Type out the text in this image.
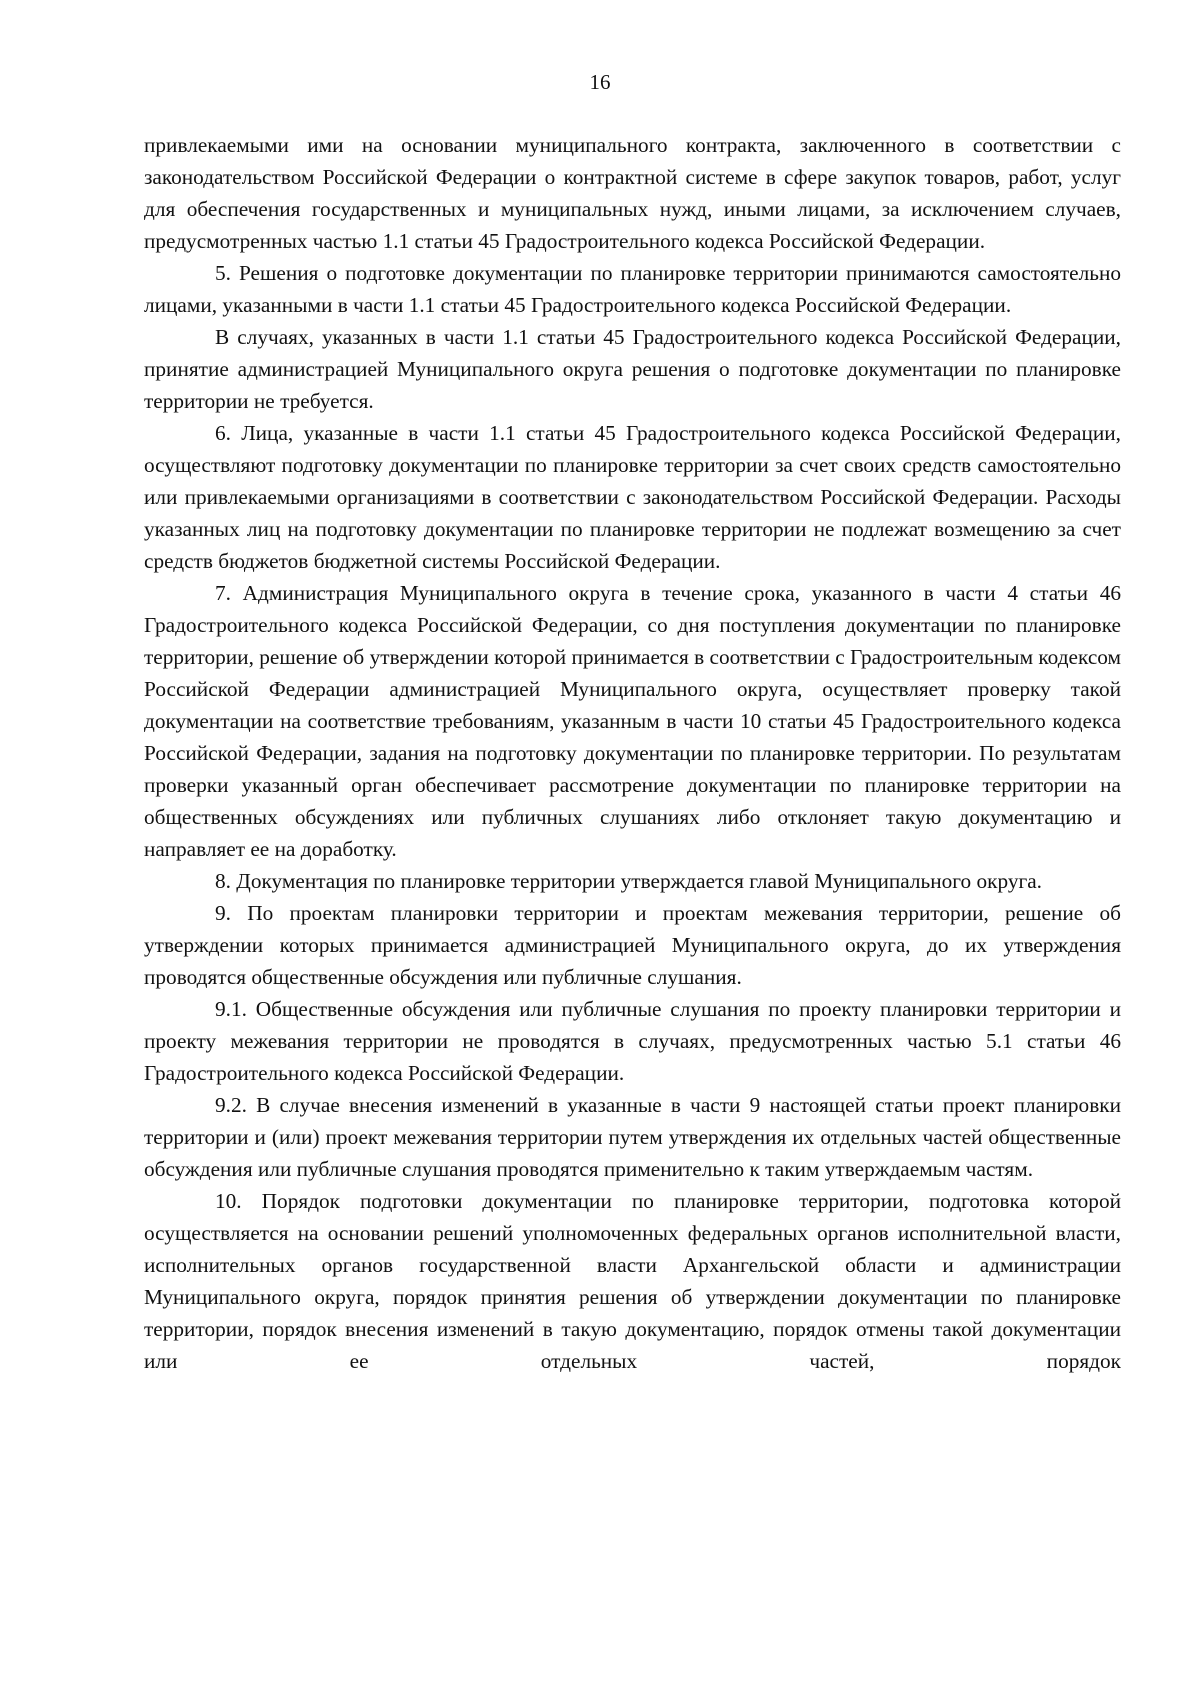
16

привлекаемыми ими на основании муниципального контракта, заключенного в соответствии с законодательством Российской Федерации о контрактной системе в сфере закупок товаров, работ, услуг для обеспечения государственных и муниципальных нужд, иными лицами, за исключением случаев, предусмотренных частью 1.1 статьи 45 Градостроительного кодекса Российской Федерации.

5. Решения о подготовке документации по планировке территории принимаются самостоятельно лицами, указанными в части 1.1 статьи 45 Градостроительного кодекса Российской Федерации.

В случаях, указанных в части 1.1 статьи 45 Градостроительного кодекса Российской Федерации, принятие администрацией Муниципального округа решения о подготовке документации по планировке территории не требуется.

6. Лица, указанные в части 1.1 статьи 45 Градостроительного кодекса Российской Федерации, осуществляют подготовку документации по планировке территории за счет своих средств самостоятельно или привлекаемыми организациями в соответствии с законодательством Российской Федерации. Расходы указанных лиц на подготовку документации по планировке территории не подлежат возмещению за счет средств бюджетов бюджетной системы Российской Федерации.

7. Администрация Муниципального округа в течение срока, указанного в части 4 статьи 46 Градостроительного кодекса Российской Федерации, со дня поступления документации по планировке территории, решение об утверждении которой принимается в соответствии с Градостроительным кодексом Российской Федерации администрацией Муниципального округа, осуществляет проверку такой документации на соответствие требованиям, указанным в части 10 статьи 45 Градостроительного кодекса Российской Федерации, задания на подготовку документации по планировке территории. По результатам проверки указанный орган обеспечивает рассмотрение документации по планировке территории на общественных обсуждениях или публичных слушаниях либо отклоняет такую документацию и направляет ее на доработку.

8. Документация по планировке территории утверждается главой Муниципального округа.

9. По проектам планировки территории и проектам межевания территории, решение об утверждении которых принимается администрацией Муниципального округа, до их утверждения проводятся общественные обсуждения или публичные слушания.

9.1. Общественные обсуждения или публичные слушания по проекту планировки территории и проекту межевания территории не проводятся в случаях, предусмотренных частью 5.1 статьи 46 Градостроительного кодекса Российской Федерации.

9.2. В случае внесения изменений в указанные в части 9 настоящей статьи проект планировки территории и (или) проект межевания территории путем утверждения их отдельных частей общественные обсуждения или публичные слушания проводятся применительно к таким утверждаемым частям.

10. Порядок подготовки документации по планировке территории, подготовка которой осуществляется на основании решений уполномоченных федеральных органов исполнительной власти, исполнительных органов государственной власти Архангельской области и администрации Муниципального округа, порядок принятия решения об утверждении документации по планировке территории, порядок внесения изменений в такую документацию, порядок отмены такой документации или ее отдельных частей, порядок
